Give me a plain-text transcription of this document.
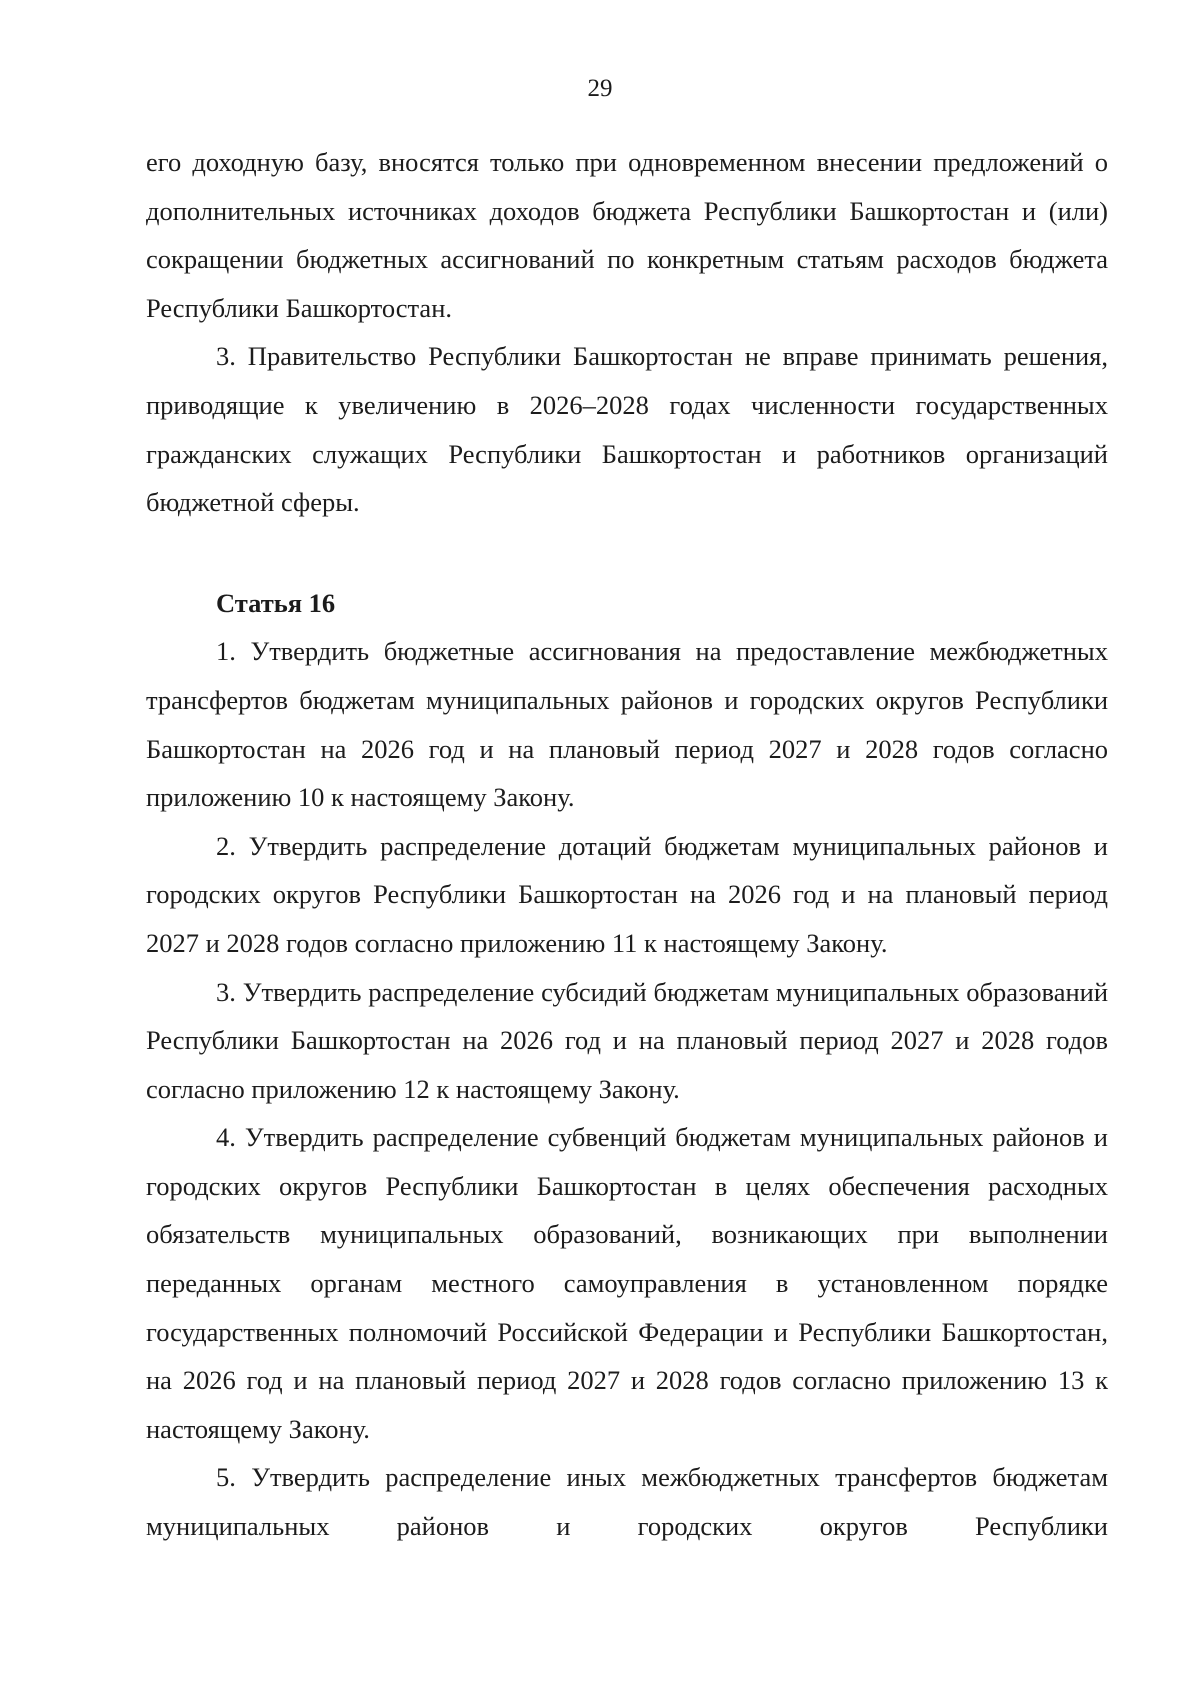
29

его доходную базу, вносятся только при одновременном внесении предложений о дополнительных источниках доходов бюджета Республики Башкортостан и (или) сокращении бюджетных ассигнований по конкретным статьям расходов бюджета Республики Башкортостан.

3. Правительство Республики Башкортостан не вправе принимать решения, приводящие к увеличению в 2026–2028 годах численности государственных гражданских служащих Республики Башкортостан и работников организаций бюджетной сферы.

Статья 16

1. Утвердить бюджетные ассигнования на предоставление межбюджетных трансфертов бюджетам муниципальных районов и городских округов Республики Башкортостан на 2026 год и на плановый период 2027 и 2028 годов согласно приложению 10 к настоящему Закону.

2. Утвердить распределение дотаций бюджетам муниципальных районов и городских округов Республики Башкортостан на 2026 год и на плановый период 2027 и 2028 годов согласно приложению 11 к настоящему Закону.

3. Утвердить распределение субсидий бюджетам муниципальных образований Республики Башкортостан на 2026 год и на плановый период 2027 и 2028 годов согласно приложению 12 к настоящему Закону.

4. Утвердить распределение субвенций бюджетам муниципальных районов и городских округов Республики Башкортостан в целях обеспечения расходных обязательств муниципальных образований, возникающих при выполнении переданных органам местного самоуправления в установленном порядке государственных полномочий Российской Федерации и Республики Башкортостан, на 2026 год и на плановый период 2027 и 2028 годов согласно приложению 13 к настоящему Закону.

5. Утвердить распределение иных межбюджетных трансфертов бюджетам муниципальных районов и городских округов Республики
